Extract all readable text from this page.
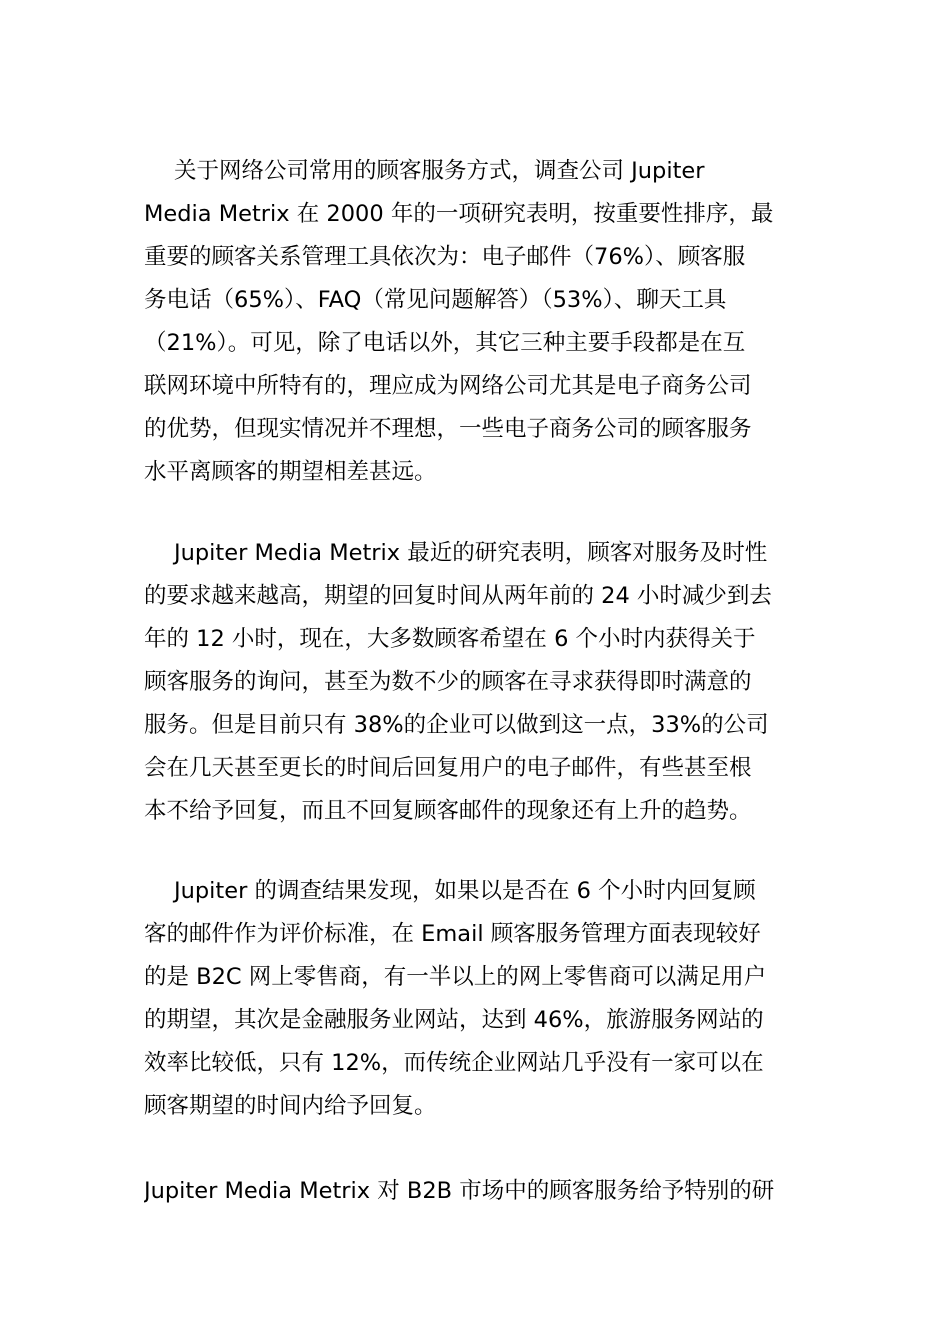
关于网络公司常用的顾客服务方式，调查公司 Jupiter
Media Metrix 在 2000 年的一项研究表明，按重要性排序，最
重要的顾客关系管理工具依次为：电子邮件（76%）、顾客服
务电话（65%）、FAQ（常见问题解答）（53%）、聊天工具
（21%）。可见，除了电话以外，其它三种主要手段都是在互
联网环境中所特有的，理应成为网络公司尤其是电子商务公司
的优势，但现实情况并不理想，一些电子商务公司的顾客服务
水平离顾客的期望相差甚远。

Jupiter Media Metrix 最近的研究表明，顾客对服务及时性
的要求越来越高，期望的回复时间从两年前的 24 小时减少到去
年的 12 小时，现在，大多数顾客希望在 6 个小时内获得关于
顾客服务的询问，甚至为数不少的顾客在寻求获得即时满意的
服务。但是目前只有 38%的企业可以做到这一点，33%的公司
会在几天甚至更长的时间后回复用户的电子邮件，有些甚至根
本不给予回复，而且不回复顾客邮件的现象还有上升的趋势。

Jupiter 的调查结果发现，如果以是否在 6 个小时内回复顾
客的邮件作为评价标准，在 Email 顾客服务管理方面表现较好
的是 B2C 网上零售商，有一半以上的网上零售商可以满足用户
的期望，其次是金融服务业网站，达到 46%，旅游服务网站的
效率比较低，只有 12%，而传统企业网站几乎没有一家可以在
顾客期望的时间内给予回复。

Jupiter Media Metrix 对 B2B 市场中的顾客服务给予特别的研
